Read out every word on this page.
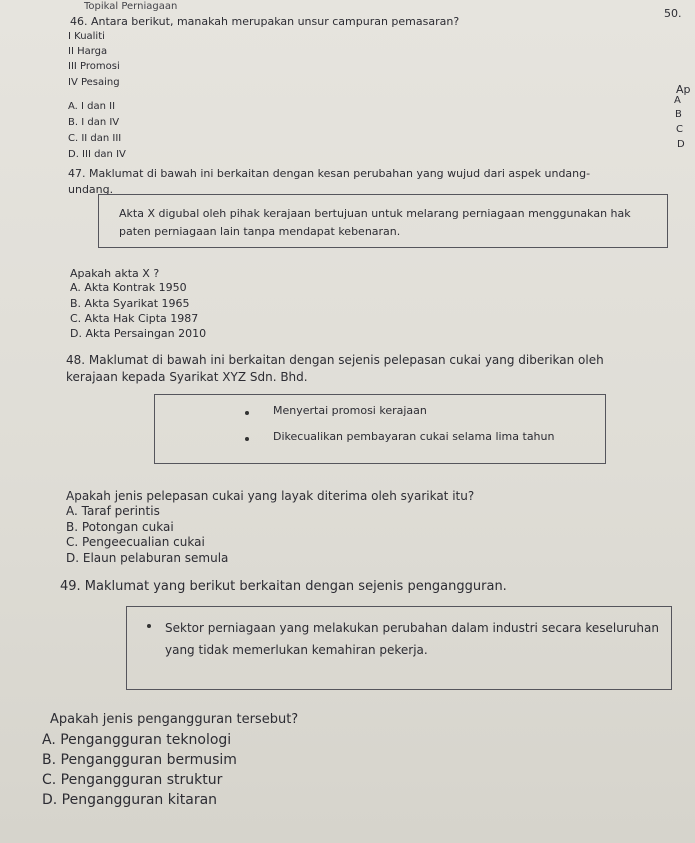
Topikal Perniagaan
50.
Ap
A
B
C
D
46. Antara berikut, manakah merupakan unsur campuran pemasaran?
I Kualiti
II Harga
III Promosi
IV Pesaing
A. I dan II
B. I dan IV
C. II dan III
D. III dan IV
47. Maklumat di bawah ini berkaitan dengan kesan perubahan yang wujud dari aspek undang-
undang.
Akta X digubal oleh pihak kerajaan bertujuan untuk melarang perniagaan menggunakan hak paten perniagaan lain tanpa mendapat kebenaran.
Apakah akta X ?
A. Akta Kontrak 1950
B. Akta Syarikat 1965
C. Akta Hak Cipta 1987
D. Akta Persaingan 2010
48. Maklumat di bawah ini berkaitan dengan sejenis pelepasan cukai yang diberikan oleh
kerajaan kepada Syarikat XYZ Sdn. Bhd.
Menyertai promosi kerajaan
Dikecualikan pembayaran cukai selama lima tahun
Apakah jenis pelepasan cukai yang layak diterima oleh syarikat itu?
A. Taraf perintis
B. Potongan cukai
C. Pengeecualian cukai
D. Elaun pelaburan semula
49. Maklumat yang berikut berkaitan dengan sejenis pengangguran.
Sektor perniagaan yang melakukan perubahan dalam industri secara keseluruhan yang tidak memerlukan kemahiran pekerja.
Apakah jenis pengangguran tersebut?
A. Pengangguran teknologi
B. Pengangguran bermusim
C. Pengangguran struktur
D. Pengangguran kitaran
